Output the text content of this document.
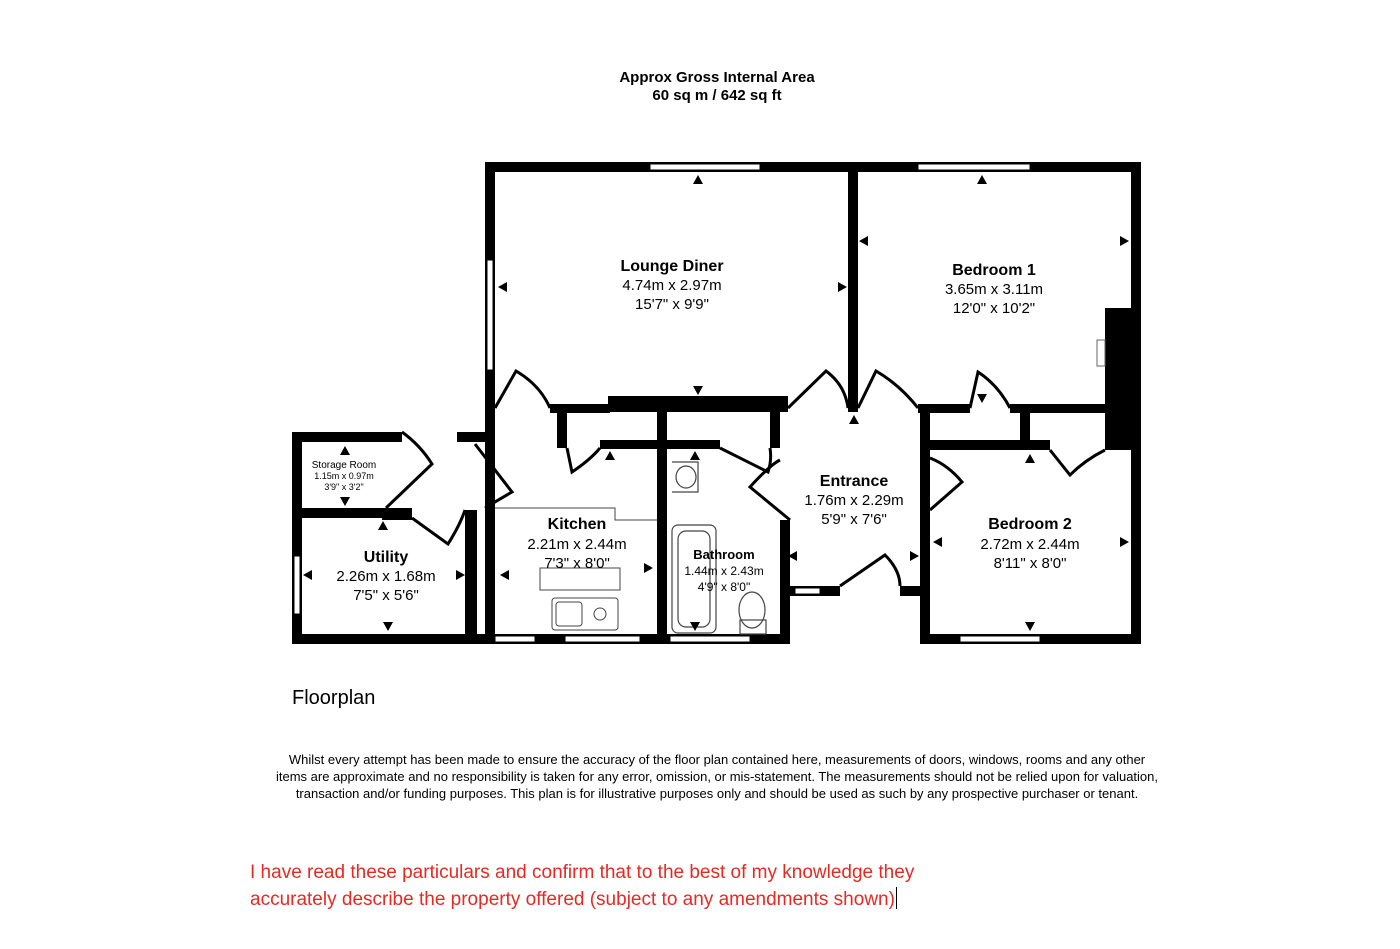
Approx Gross Internal Area
60 sq m / 642 sq ft
Lounge Diner
4.74m x 2.97m
15'7" x 9'9"
Bedroom 1
3.65m x 3.11m
12'0" x 10'2"
Storage Room
1.15m x 0.97m
3'9" x 3'2"
Utility
2.26m x 1.68m
7'5" x 5'6"
Kitchen
2.21m x 2.44m
7'3" x 8'0"
Bathroom
1.44m x 2.43m
4'9" x 8'0"
Entrance
1.76m x 2.29m
5'9" x 7'6"	Bedroom 2
2.72m x 2.44m
8'11" x 8'0"
Floorplan
Whilst every attempt has been made to ensure the accuracy of the floor plan contained here, measurements of doors, windows, rooms and any other items are approximate and no responsibility is taken for any error, omission, or mis-statement. The measurements should not be relied upon for valuation, transaction and/or funding purposes. This plan is for illustrative purposes only and should be used as such by any prospective purchaser or tenant.
I have read these particulars and confirm that to the best of my knowledge they
accurately describe the property offered (subject to any amendments shown)
